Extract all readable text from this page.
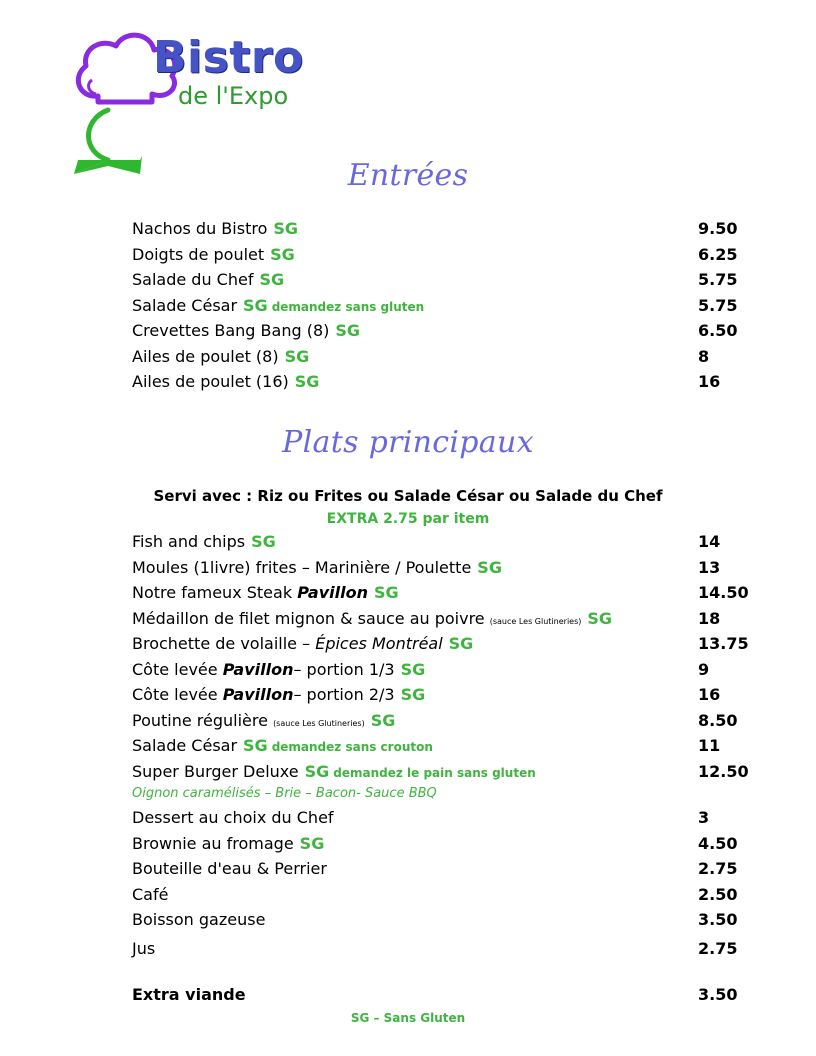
Bistro
de l'Expo
Entrées
Nachos du Bistro SG	9.50
Doigts de poulet SG	6.25
Salade du Chef SG	5.75
Salade César SG demandez sans gluten	5.75
Crevettes Bang Bang (8) SG	6.50
Ailes de poulet (8) SG	8
Ailes de poulet (16) SG	16
Plats principaux
Servi avec : Riz ou Frites ou Salade César ou Salade du Chef
EXTRA 2.75 par item
Fish and chips SG	14
Moules (1livre) frites – Marinière / Poulette SG	13
Notre fameux Steak Pavillon SG	14.50
Médaillon de filet mignon & sauce au poivre (sauce Les Glutineries) SG	18
Brochette de volaille – Épices Montréal SG	13.75
Côte levée Pavillon– portion 1/3 SG	9
Côte levée Pavillon– portion 2/3 SG	16
Poutine régulière (sauce Les Glutineries) SG	8.50
Salade César SG demandez sans crouton	11
Super Burger Deluxe SG demandez le pain sans gluten	12.50
Oignon caramélisés – Brie – Bacon- Sauce BBQ
Dessert au choix du Chef	3
Brownie au fromage SG	4.50
Bouteille d'eau & Perrier	2.75
Café	2.50
Boisson gazeuse	3.50
Jus	2.75
Extra viande	3.50
SG – Sans Gluten
